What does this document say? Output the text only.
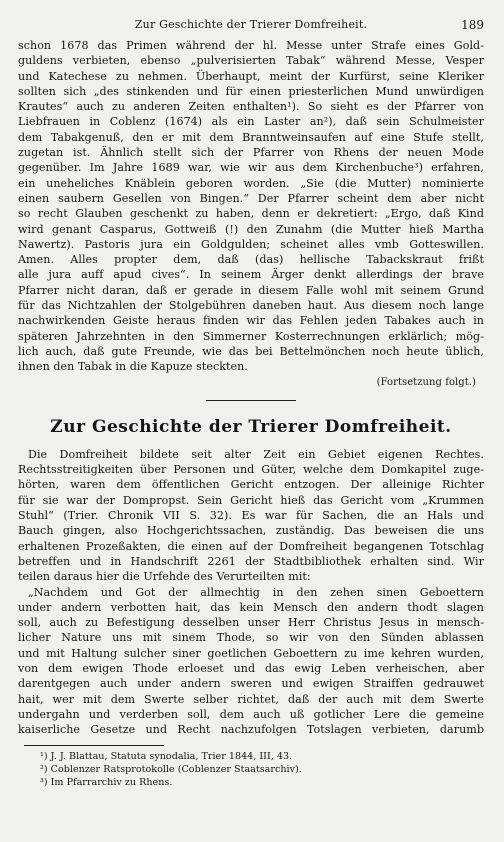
Zur Geschichte der Trierer Domfreiheit.	189
schon 1678 das Primen während der hl. Messe unter Strafe eines Gold-
guldens verbieten, ebenso „pulverisierten Tabak“ während Messe, Vesper
und Katechese zu nehmen. Überhaupt, meint der Kurfürst, seine Kleriker
sollten sich „des stinkenden und für einen priesterlichen Mund unwürdigen
Krautes“ auch zu anderen Zeiten enthalten¹). So sieht es der Pfarrer von
Liebfrauen in Coblenz (1674) als ein Laster an²), daß sein Schulmeister
dem Tabakgenuß, den er mit dem Branntweinsaufen auf eine Stufe stellt,
zugetan ist. Ähnlich stellt sich der Pfarrer von Rhens der neuen Mode
gegenüber. Im Jahre 1689 war, wie wir aus dem Kirchenbuche³) erfahren,
ein uneheliches Knäblein geboren worden. „Sie (die Mutter) nominierte
einen saubern Gesellen von Bingen.“ Der Pfarrer scheint dem aber nicht
so recht Glauben geschenkt zu haben, denn er dekretiert: „Ergo, daß Kind
wird genant Casparus, Gottweiß (!) den Zunahm (die Mutter hieß Martha
Nawertz). Pastoris jura ein Goldgulden; scheinet alles vmb Gotteswillen.
Amen. Alles propter dem, daß (das) hellische Tabackskraut frißt
alle jura auff apud cives“. In seinem Ärger denkt allerdings der brave
Pfarrer nicht daran, daß er gerade in diesem Falle wohl mit seinem Grund
für das Nichtzahlen der Stolgebühren daneben haut. Aus diesem noch lange
nachwirkenden Geiste heraus finden wir das Fehlen jeden Tabakes auch in
späteren Jahrzehnten in den Simmerner Kosterrechnungen erklärlich; mög-
lich auch, daß gute Freunde, wie das bei Bettelmönchen noch heute üblich,
ihnen den Tabak in die Kapuze steckten.
(Fortsetzung folgt.)
Zur Geschichte der Trierer Domfreiheit.
Die Domfreiheit bildete seit alter Zeit ein Gebiet eigenen Rechtes.
Rechtsstreitigkeiten über Personen und Güter, welche dem Domkapitel zuge-
hörten, waren dem öffentlichen Gericht entzogen. Der alleinige Richter
für sie war der Dompropst. Sein Gericht hieß das Gericht vom „Krummen
Stuhl“ (Trier. Chronik VII S. 32). Es war für Sachen, die an Hals und
Bauch gingen, also Hochgerichtssachen, zuständig. Das beweisen die uns
erhaltenen Prozeßakten, die einen auf der Domfreiheit begangenen Totschlag
betreffen und in Handschrift 2261 der Stadtbibliothek erhalten sind. Wir
teilen daraus hier die Urfehde des Verurteilten mit:
„Nachdem und Got der allmechtig in den zehen sinen Geboettern
under andern verbotten hait, das kein Mensch den andern thodt slagen
soll, auch zu Befestigung desselben unser Herr Christus Jesus in mensch-
licher Nature uns mit sinem Thode, so wir von den Sünden ablassen
und mit Haltung sulcher siner goetlichen Geboettern zu ime kehren wurden,
von dem ewigen Thode erloeset und das ewig Leben verheischen, aber
darentgegen auch under andern sweren und ewigen Straiffen gedrauwet
hait, wer mit dem Swerte selber richtet, daß der auch mit dem Swerte
undergahn und verderben soll, dem auch uß gotlicher Lere die gemeine
kaiserliche Gesetze und Recht nachzufolgen Totslagen verbieten, darumb
¹) J. J. Blattau, Statuta synodalia, Trier 1844, III, 43.
²) Coblenzer Ratsprotokolle (Coblenzer Staatsarchiv).
³) Im Pfarrarchiv zu Rhens.
